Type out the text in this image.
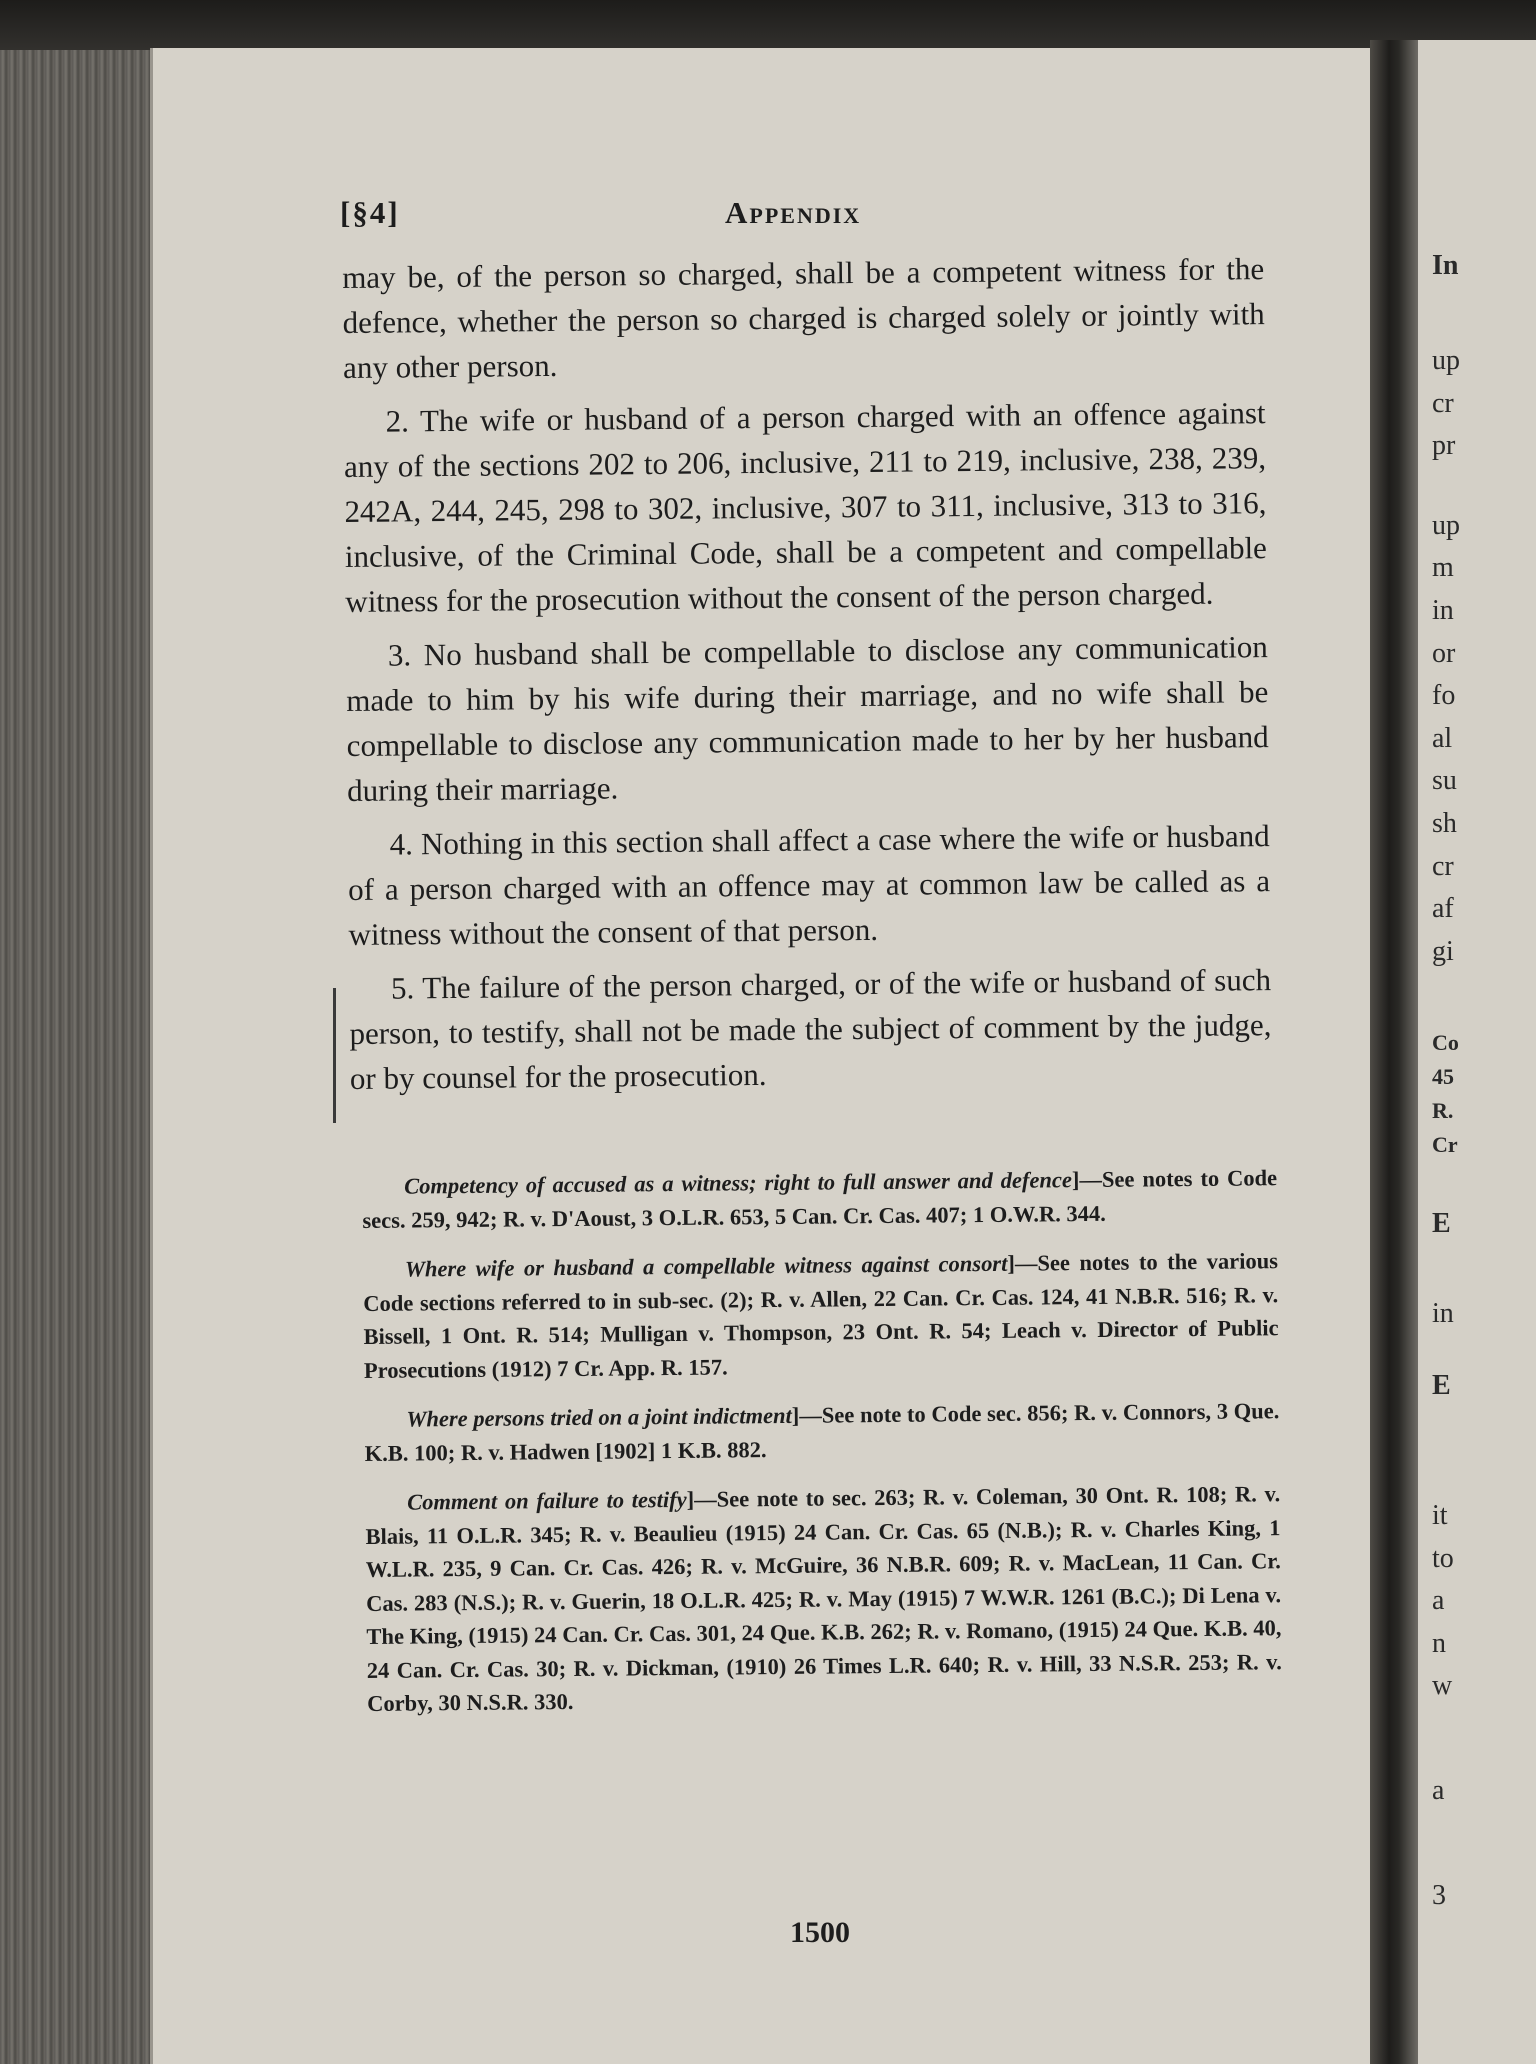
[§4]	Appendix

may be, of the person so charged, shall be a competent witness for the defence, whether the person so charged is charged solely or jointly with any other person.

2. The wife or husband of a person charged with an offence against any of the sections 202 to 206, inclusive, 211 to 219, inclusive, 238, 239, 242A, 244, 245, 298 to 302, inclusive, 307 to 311, inclusive, 313 to 316, inclusive, of the Criminal Code, shall be a competent and compellable witness for the prosecution without the consent of the person charged.

3. No husband shall be compellable to disclose any communication made to him by his wife during their marriage, and no wife shall be compellable to disclose any communication made to her by her husband during their marriage.

4. Nothing in this section shall affect a case where the wife or husband of a person charged with an offence may at common law be called as a witness without the consent of that person.

5. The failure of the person charged, or of the wife or husband of such person, to testify, shall not be made the subject of comment by the judge, or by counsel for the prosecution.

Competency of accused as a witness; right to full answer and defence]—See notes to Code secs. 259, 942; R. v. D'Aoust, 3 O.L.R. 653, 5 Can. Cr. Cas. 407; 1 O.W.R. 344.

Where wife or husband a compellable witness against consort]—See notes to the various Code sections referred to in sub-sec. (2); R. v. Allen, 22 Can. Cr. Cas. 124, 41 N.B.R. 516; R. v. Bissell, 1 Ont. R. 514; Mulligan v. Thompson, 23 Ont. R. 54; Leach v. Director of Public Prosecutions (1912) 7 Cr. App. R. 157.

Where persons tried on a joint indictment]—See note to Code sec. 856; R. v. Connors, 3 Que. K.B. 100; R. v. Hadwen [1902] 1 K.B. 882.

Comment on failure to testify]—See note to sec. 263; R. v. Coleman, 30 Ont. R. 108; R. v. Blais, 11 O.L.R. 345; R. v. Beaulieu (1915) 24 Can. Cr. Cas. 65 (N.B.); R. v. Charles King, 1 W.L.R. 235, 9 Can. Cr. Cas. 426; R. v. McGuire, 36 N.B.R. 609; R. v. MacLean, 11 Can. Cr. Cas. 283 (N.S.); R. v. Guerin, 18 O.L.R. 425; R. v. May (1915) 7 W.W.R. 1261 (B.C.); Di Lena v. The King, (1915) 24 Can. Cr. Cas. 301, 24 Que. K.B. 262; R. v. Romano, (1915) 24 Que. K.B. 40, 24 Can. Cr. Cas. 30; R. v. Dickman, (1910) 26 Times L.R. 640; R. v. Hill, 33 N.S.R. 253; R. v. Corby, 30 N.S.R. 330.

1500
In
up
cr
pr
up
m
in
or
fo
al
su
sh
cr
af
gi
Co
45
R.
Cr
E
in
E
it
to
a
n
w
a
3
